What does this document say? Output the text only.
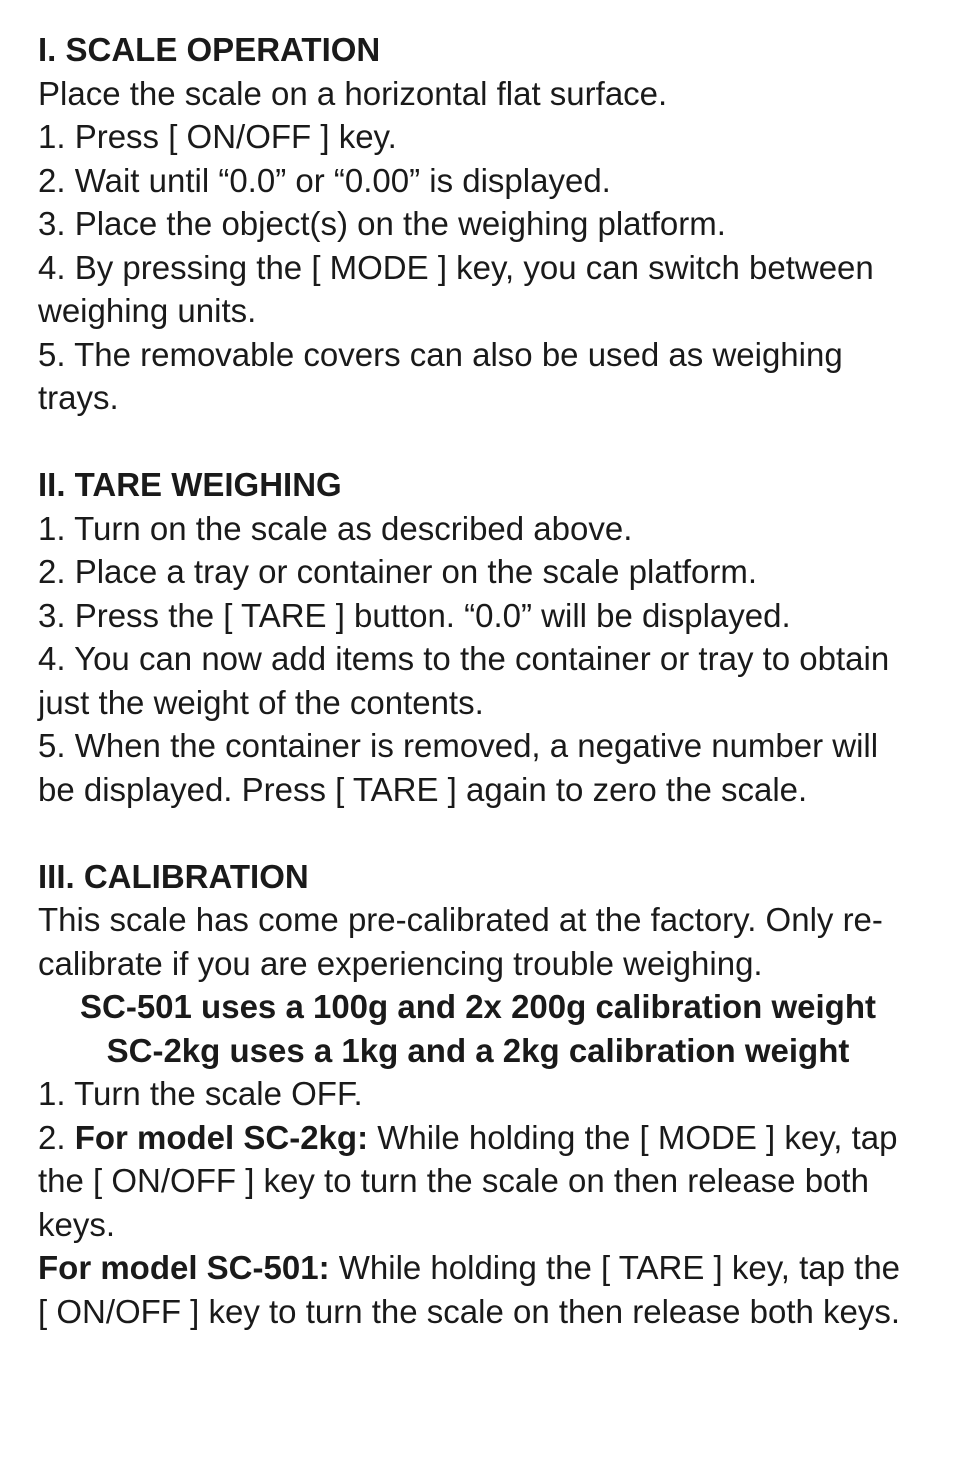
I. SCALE OPERATION

Place the scale on a horizontal flat surface.

1. Press [ ON/OFF ] key.

2. Wait until “0.0” or “0.00” is displayed.

3. Place the object(s) on the weighing platform.

4. By pressing the [ MODE ] key, you can switch between weighing units.

5. The removable covers can also be used as weighing trays.

II. TARE WEIGHING

1. Turn on the scale as described above.

2. Place a tray or container on the scale platform.

3. Press the [ TARE ] button. “0.0” will be displayed.

4. You can now add items to the container or tray to obtain just the weight of the contents.

5. When the container is removed, a negative number will be displayed. Press [ TARE ] again to zero the scale.

III. CALIBRATION

This scale has come pre-calibrated at the factory. Only re-calibrate if you are experiencing trouble weighing.

SC-501 uses a 100g and 2x 200g calibration weight

SC-2kg uses a 1kg and a 2kg calibration weight

1. Turn the scale OFF.

2. For model SC-2kg: While holding the [ MODE ] key, tap the [ ON/OFF ] key to turn the scale on then release both keys.

For model SC-501: While holding the [ TARE ] key, tap the [ ON/OFF ] key to turn the scale on then release both keys.
